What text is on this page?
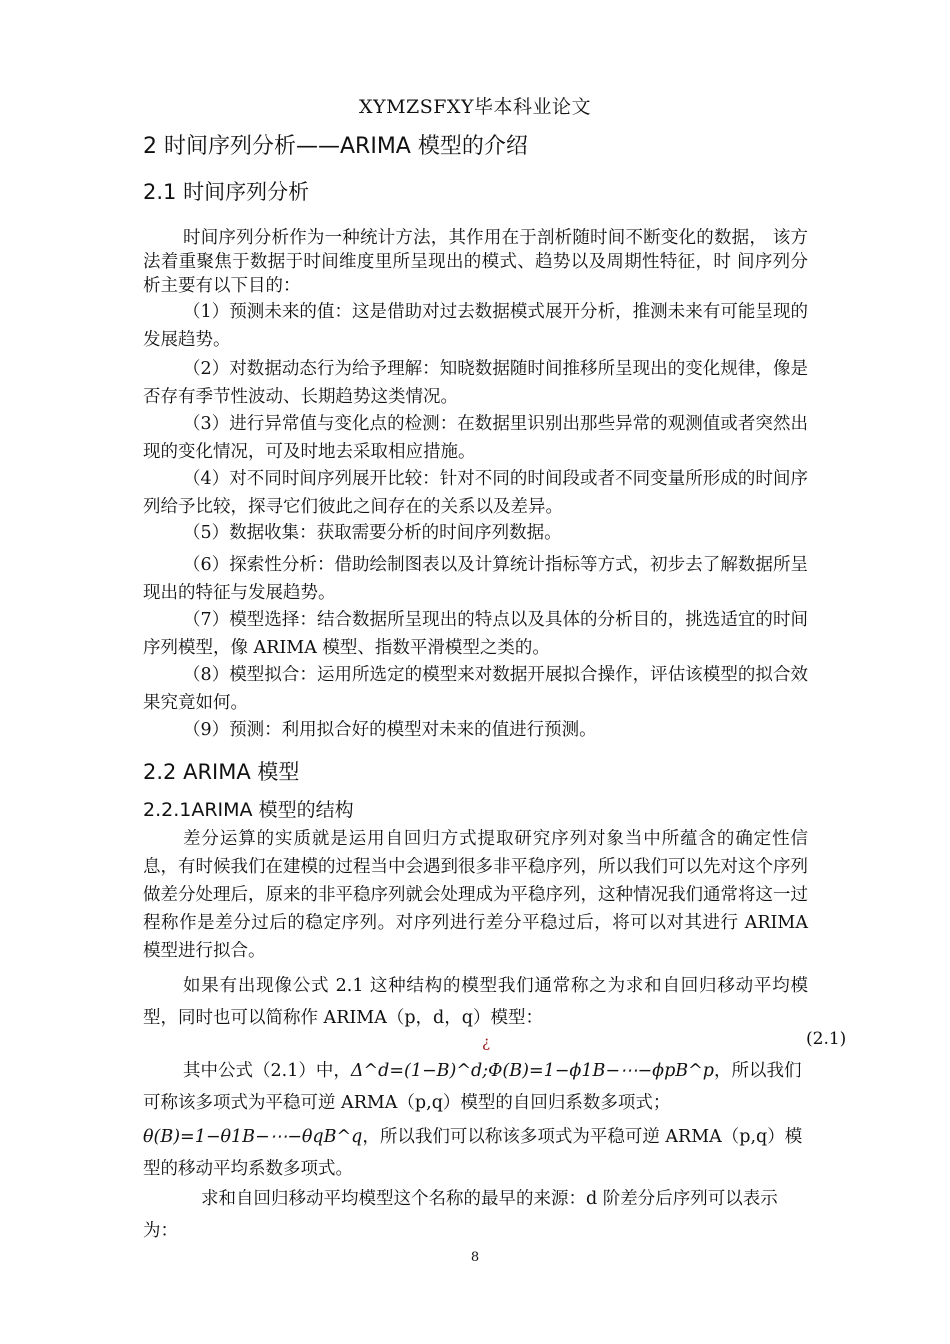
XYMZSFXY毕本科业论文
2 时间序列分析——ARIMA 模型的介绍
2.1 时间序列分析
时间序列分析作为一种统计方法，其作用在于剖析随时间不断变化的数据， 该方法着重聚焦于数据于时间维度里所呈现出的模式、趋势以及周期性特征，时 间序列分析主要有以下目的：
（1）预测未来的值：这是借助对过去数据模式展开分析，推测未来有可能呈现的发展趋势。
（2）对数据动态行为给予理解：知晓数据随时间推移所呈现出的变化规律，像是否存有季节性波动、长期趋势这类情况。
（3）进行异常值与变化点的检测：在数据里识别出那些异常的观测值或者突然出现的变化情况，可及时地去采取相应措施。
（4）对不同时间序列展开比较：针对不同的时间段或者不同变量所形成的时间序列给予比较，探寻它们彼此之间存在的关系以及差异。
（5）数据收集：获取需要分析的时间序列数据。
（6）探索性分析：借助绘制图表以及计算统计指标等方式，初步去了解数据所呈现出的特征与发展趋势。
（7）模型选择：结合数据所呈现出的特点以及具体的分析目的，挑选适宜的时间序列模型，像 ARIMA 模型、指数平滑模型之类的。
（8）模型拟合：运用所选定的模型来对数据开展拟合操作，评估该模型的拟合效果究竟如何。
（9）预测：利用拟合好的模型对未来的值进行预测。
2.2 ARIMA 模型
2.2.1ARIMA 模型的结构
差分运算的实质就是运用自回归方式提取研究序列对象当中所蕴含的确定性信息，有时候我们在建模的过程当中会遇到很多非平稳序列，所以我们可以先对这个序列做差分处理后，原来的非平稳序列就会处理成为平稳序列，这种情况我们通常将这一过程称作是差分过后的稳定序列。对序列进行差分平稳过后，将可以对其进行 ARIMA 模型进行拟合。
如果有出现像公式 2.1 这种结构的模型我们通常称之为求和自回归移动平均模型，同时也可以简称作 ARIMA（p，d，q）模型：
¿	(2.1)
其中公式（2.1）中，Δ^d=(1−B)^d;Φ(B)=1−ϕ1B−⋯−ϕpB^p，所以我们可称该多项式为平稳可逆 ARMA（p,q）模型的自回归系数多项式；
θ(B)=1−θ1B−⋯−θqB^q，所以我们可以称该多项式为平稳可逆 ARMA（p,q）模型的移动平均系数多项式。
求和自回归移动平均模型这个名称的最早的来源：d 阶差分后序列可以表示为：
8
